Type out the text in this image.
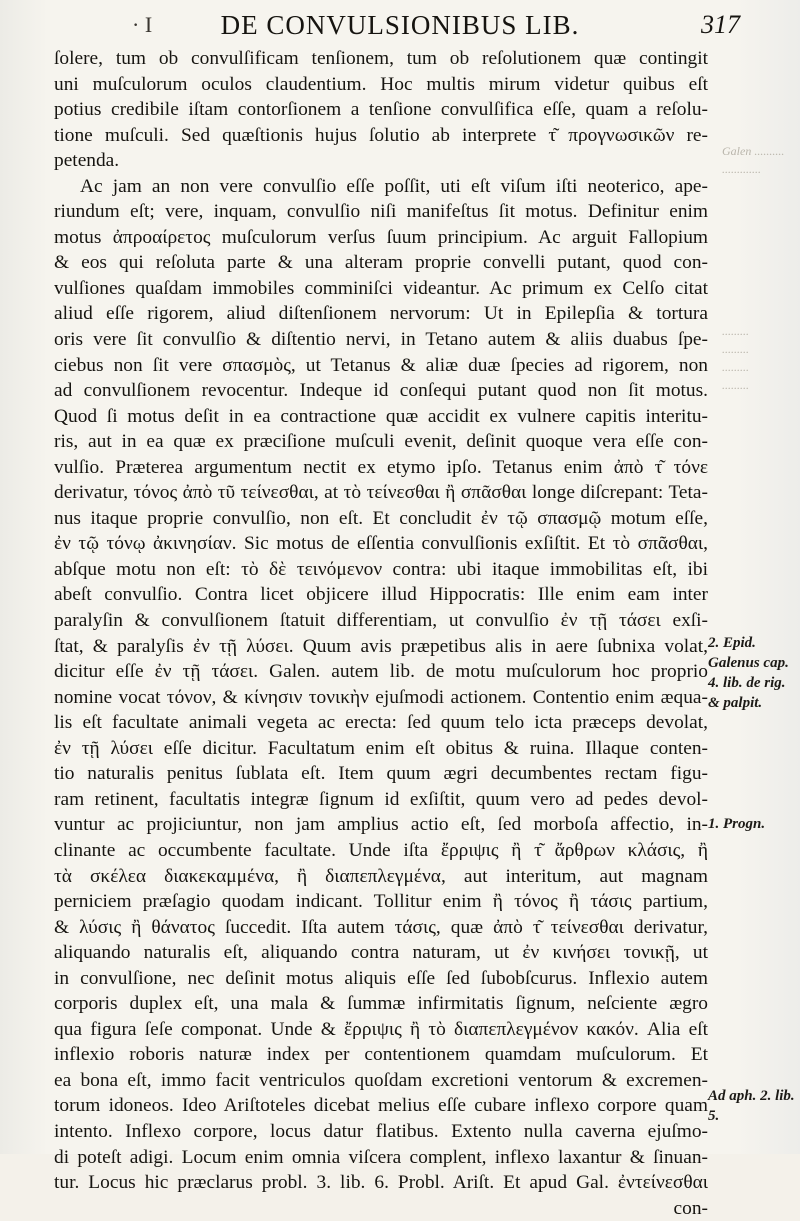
· I	DE CONVULSIONIBUS LIB.	317
Galen ..........
.............
.........
.........
.........
.........
ſolere, tum ob convulſificam tenſionem, tum ob reſolutionem quæ contingit
uni muſculorum oculos claudentium. Hoc multis mirum videtur quibus eſt
potius credibile iſtam contorſionem a tenſione convulſifica eſſe, quam a reſolu-
tione muſculi. Sed quæſtionis hujus ſolutio ab interprete τ͂ προγνωσικῶν re-
petenda.
Ac jam an non vere convulſio eſſe poſſit, uti eſt viſum iſti neoterico, ape-
riundum eſt; vere, inquam, convulſio niſi manifeſtus ſit motus. Definitur enim
motus ἀπροαίρετος muſculorum verſus ſuum principium. Ac arguit Fallopium
& eos qui reſoluta parte & una alteram proprie convelli putant, quod con-
vulſiones quaſdam immobiles comminiſci videantur. Ac primum ex Celſo citat
aliud eſſe rigorem, aliud diſtenſionem nervorum: Ut in Epilepſia & tortura
oris vere ſit convulſio & diſtentio nervi, in Tetano autem & aliis duabus ſpe-
ciebus non ſit vere σπασμὸς, ut Tetanus & aliæ duæ ſpecies ad rigorem, non
ad convulſionem revocentur. Indeque id conſequi putant quod non ſit motus.
Quod ſi motus deſit in ea contractione quæ accidit ex vulnere capitis interitu-
ris, aut in ea quæ ex præciſione muſculi evenit, deſinit quoque vera eſſe con-
vulſio. Præterea argumentum nectit ex etymo ipſo. Tetanus enim ἀπὸ τ͂ τόνε
derivatur, τόνος ἀπὸ τῦ τείνεσθαι, at τὸ τείνεσθαι ἢ σπᾶσθαι longe diſcrepant: Teta-
nus itaque proprie convulſio, non eſt. Et concludit ἐν τῷ σπασμῷ motum eſſe,
ἐν τῷ τόνῳ ἀκινησίαν. Sic motus de eſſentia convulſionis exſiſtit. Et τὸ σπᾶσθαι,
abſque motu non eſt: τὸ δὲ τεινόμενον contra: ubi itaque immobilitas eſt, ibi
abeſt convulſio. Contra licet objicere illud Hippocratis: Ille enim eam inter
paralyſin & convulſionem ſtatuit differentiam, ut convulſio ἐν τῇ τάσει exſi-
ſtat, & paralyſis ἐν τῇ λύσει. Quum avis præpetibus alis in aere ſubnixa volat,
dicitur eſſe ἐν τῇ τάσει. Galen. autem lib. de motu muſculorum hoc proprio
nomine vocat τόνον, & κίνησιν τονικὴν ejuſmodi actionem. Contentio enim æqua-
lis eſt facultate animali vegeta ac erecta: ſed quum telo icta præceps devolat,
ἐν τῇ λύσει eſſe dicitur. Facultatum enim eſt obitus & ruina. Illaque conten-
tio naturalis penitus ſublata eſt. Item quum ægri decumbentes rectam figu-
ram retinent, facultatis integræ ſignum id exſiſtit, quum vero ad pedes devol-
vuntur ac projiciuntur, non jam amplius actio eſt, ſed morboſa affectio, in-
clinante ac occumbente facultate. Unde iſta ἔρριψις ἢ τ͂ ἄρθρων κλάσις, ἢ
τὰ σκέλεα διακεκαμμένα, ἢ διαπεπλεγμένα, aut interitum, aut magnam
perniciem præſagio quodam indicant. Tollitur enim ἢ τόνος ἢ τάσις partium,
& λύσις ἢ θάνατος ſuccedit. Iſta autem τάσις, quæ ἀπὸ τ͂ τείνεσθαι derivatur,
aliquando naturalis eſt, aliquando contra naturam, ut ἐν κινήσει τονικῇ, ut
in convulſione, nec deſinit motus aliquis eſſe ſed ſubobſcurus. Inflexio autem
corporis duplex eſt, una mala & ſummæ infirmitatis ſignum, neſciente ægro
qua figura ſeſe componat. Unde & ἔρριψις ἢ τὸ διαπεπλεγμένον κακόν. Alia eſt
inflexio roboris naturæ index per contentionem quamdam muſculorum. Et
ea bona eſt, immo facit ventriculos quoſdam excretioni ventorum & excremen-
torum idoneos. Ideo Ariſtoteles dicebat melius eſſe cubare inflexo corpore quam
intento. Inflexo corpore, locus datur flatibus. Extento nulla caverna ejuſmo-
di poteſt adigi. Locum enim omnia viſcera complent, inflexo laxantur & ſinuan-
tur. Locus hic præclarus probl. 3. lib. 6. Probl. Ariſt. Et apud Gal. ἐντείνεσθαι
con-
2. Epid. Galenus cap. 4. lib. de rig. & palpit.
1. Progn.
Ad aph. 2. lib. 5.
